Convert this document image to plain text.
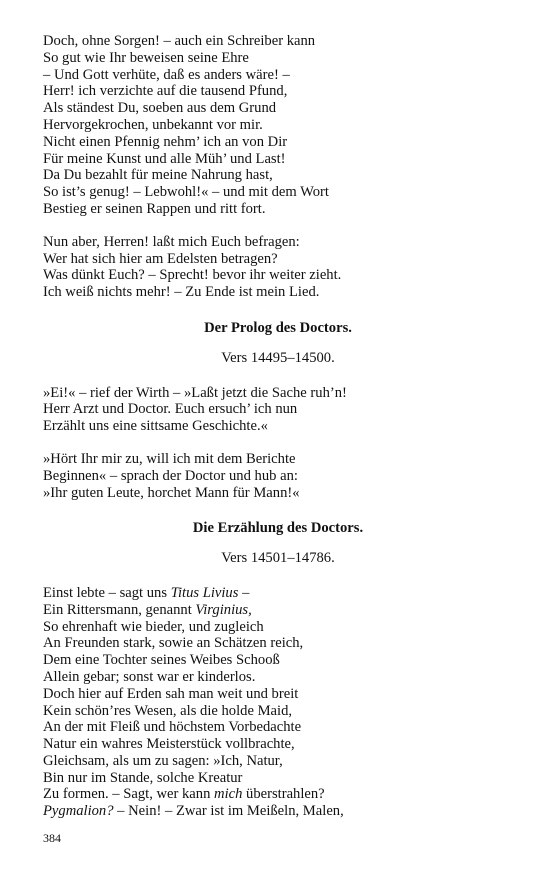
Doch, ohne Sorgen! – auch ein Schreiber kann
So gut wie Ihr beweisen seine Ehre
– Und Gott verhüte, daß es anders wäre! –
Herr! ich verzichte auf die tausend Pfund,
Als ständest Du, soeben aus dem Grund
Hervorgekrochen, unbekannt vor mir.
Nicht einen Pfennig nehm’ ich an von Dir
Für meine Kunst und alle Müh’ und Last!
Da Du bezahlt für meine Nahrung hast,
So ist’s genug! – Lebwohl!« – und mit dem Wort
Bestieg er seinen Rappen und ritt fort.
Nun aber, Herren! laßt mich Euch befragen:
Wer hat sich hier am Edelsten betragen?
Was dünkt Euch? – Sprecht! bevor ihr weiter zieht.
Ich weiß nichts mehr! – Zu Ende ist mein Lied.
Der Prolog des Doctors.
Vers 14495–14500.
»Ei!« – rief der Wirth – »Laßt jetzt die Sache ruh’n!
Herr Arzt und Doctor. Euch ersuch’ ich nun
Erzählt uns eine sittsame Geschichte.«
»Hört Ihr mir zu, will ich mit dem Berichte
Beginnen« – sprach der Doctor und hub an:
»Ihr guten Leute, horchet Mann für Mann!«
Die Erzählung des Doctors.
Vers 14501–14786.
Einst lebte – sagt uns Titus Livius –
Ein Rittersmann, genannt Virginius,
So ehrenhaft wie bieder, und zugleich
An Freunden stark, sowie an Schätzen reich,
Dem eine Tochter seines Weibes Schooß
Allein gebar; sonst war er kinderlos.
Doch hier auf Erden sah man weit und breit
Kein schön’res Wesen, als die holde Maid,
An der mit Fleiß und höchstem Vorbedachte
Natur ein wahres Meisterstück vollbrachte,
Gleichsam, als um zu sagen: »Ich, Natur,
Bin nur im Stande, solche Kreatur
Zu formen. – Sagt, wer kann mich überstrahlen?
Pygmalion? – Nein! – Zwar ist im Meißeln, Malen,
384
